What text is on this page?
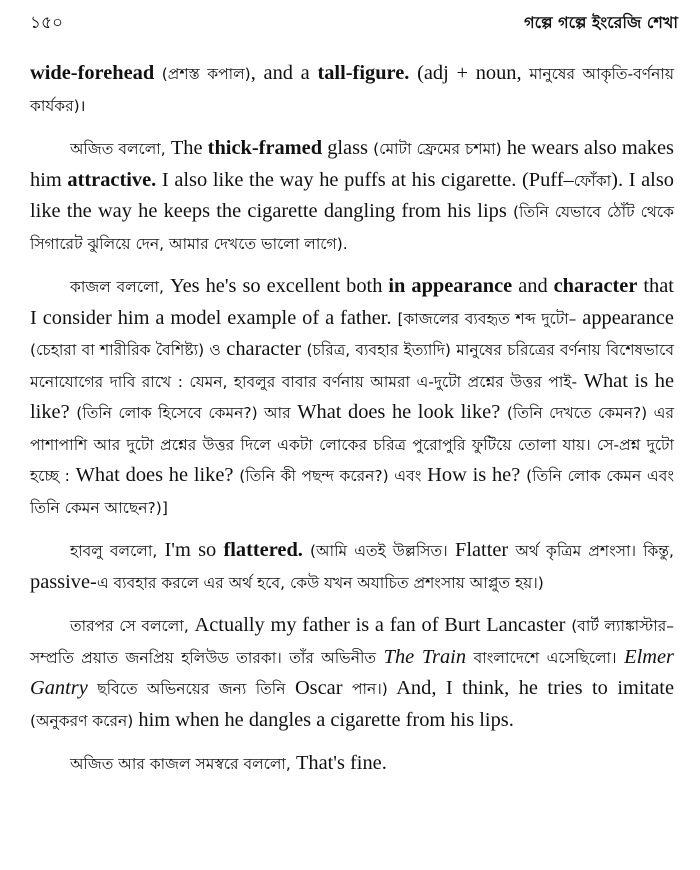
১৫০	গল্পে গল্পে ইংরেজি শেখা

wide-forehead (প্রশস্ত কপাল), and a tall-figure. (adj + noun, মানুষের আকৃতি-বর্ণনায় কার্যকর)।

অজিত বললো, The thick-framed glass (মোটা ফ্রেমের চশমা) he wears also makes him attractive. I also like the way he puffs at his cigarette. (Puff–ফোঁকা). I also like the way he keeps the cigarette dangling from his lips (তিনি যেভাবে ঠোঁট থেকে সিগারেট ঝুলিয়ে দেন, আমার দেখতে ভালো লাগে).

কাজল বললো, Yes he's so excellent both in appearance and character that I consider him a model example of a father. [কাজলের ব্যবহৃত শব্দ দুটো– appearance (চেহারা বা শারীরিক বৈশিষ্ট্য) ও character (চরিত্র, ব্যবহার ইত্যাদি) মানুষের চরিত্রের বর্ণনায় বিশেষভাবে মনোযোগের দাবি রাখে : যেমন, হাবলুর বাবার বর্ণনায় আমরা এ-দুটো প্রশ্নের উত্তর পাই- What is he like? (তিনি লোক হিসেবে কেমন?) আর What does he look like? (তিনি দেখতে কেমন?) এর পাশাপাশি আর দুটো প্রশ্নের উত্তর দিলে একটা লোকের চরিত্র পুরোপুরি ফুটিয়ে তোলা যায়। সে-প্রশ্ন দুটো হচ্ছে : What does he like? (তিনি কী পছন্দ করেন?) এবং How is he? (তিনি লোক কেমন এবং তিনি কেমন আছেন?)]

হাবলু বললো, I'm so flattered. (আমি এতই উল্লসিত। Flatter অর্থ কৃত্রিম প্রশংসা। কিন্তু, passive-এ ব্যবহার করলে এর অর্থ হবে, কেউ যখন অযাচিত প্রশংসায় আপ্লুত হয়।)

তারপর সে বললো, Actually my father is a fan of Burt Lancaster (বার্ট ল্যাঙ্কাস্টার–সম্প্রতি প্রয়াত জনপ্রিয় হলিউড তারকা। তাঁর অভিনীত The Train বাংলাদেশে এসেছিলো। Elmer Gantry ছবিতে অভিনয়ের জন্য তিনি Oscar পান।) And, I think, he tries to imitate (অনুকরণ করেন) him when he dangles a cigarette from his lips.

অজিত আর কাজল সমস্বরে বললো, That's fine.
